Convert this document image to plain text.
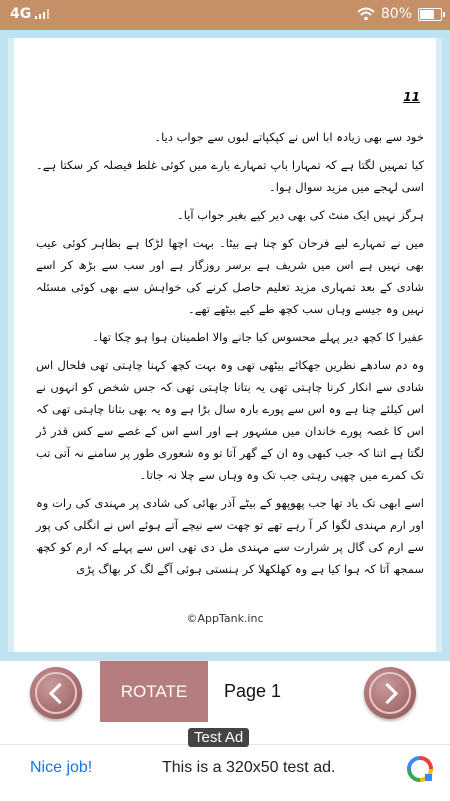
4G	80%
11

خود سے بھی زیادہ ابا اس نے کپکپاتے لبوں سے جواب دیا۔

کیا تمہیں لگتا ہے کہ تمہارا باپ تمہارے بارے میں کوئی غلط فیصلہ کر سکتا ہے۔ اسی لہجے میں مزید سوال ہوا۔

ہرگز نہیں ایک منٹ کی بھی دیر کیے بغیر جواب آیا۔

میں نے تمہارے لیے فرحان کو چنا ہے بیٹا۔ بہت اچھا لڑکا ہے بظاہر کوئی عیب بھی نہیں ہے اس میں شریف ہے برسر روزگار ہے اور سب سے بڑھ کر اسے شادی کے بعد تمہاری مزید تعلیم حاصل کرنے کی خواہش سے بھی کوئی مسئلہ نہیں وہ جیسے وہاں سب کچھ طے کیے بیٹھے تھے۔

عفیرا کا کچھ دیر پہلے محسوس کیا جانے والا اطمینان ہوا ہو چکا تھا۔

وہ دم سادھے نظریں جھکائے بیٹھی تھی وہ بہت کچھ کہنا چاہتی تھی فلحال اس شادی سے انکار کرنا چاہتی تھی یہ بتانا چاہتی تھی کہ جس شخص کو انہوں نے اس کیلئے چنا ہے وہ اس سے پورے بارہ سال بڑا ہے وہ یہ بھی بتانا چاہتی تھی کہ اس کا غصہ پورے خاندان میں مشہور ہے اور اسے اس کے غصے سے کس قدر ڈر لگتا ہے اتنا کہ جب کبھی وہ ان کے گھر آتا تو وہ شعوری طور پر سامنے نہ آتی تب تک کمرے میں چھپی رہتی جب تک وہ وہاں سے چلا نہ جاتا۔

اسے ابھی تک یاد تھا جب پھوپھو کے بیٹے آذر بھائی کی شادی پر مہندی کی رات وہ اور ارم مہندی لگوا کر آ رہے تھے تو چھت سے نیچے آتے ہوئے اس نے انگلی کی پور سے ارم کی گال پر شرارت سے مہندی مل دی تھی اس سے پہلے کہ ارم کو کچھ سمجھ آتا کہ ہوا کیا ہے وہ کھلکھلا کر ہنستی ہوئی آگے لگ کر بھاگ پڑی

©AppTank.inc
ROTATE	Page 1
Nice job!	This is a 320x50 test ad.
Test Ad
